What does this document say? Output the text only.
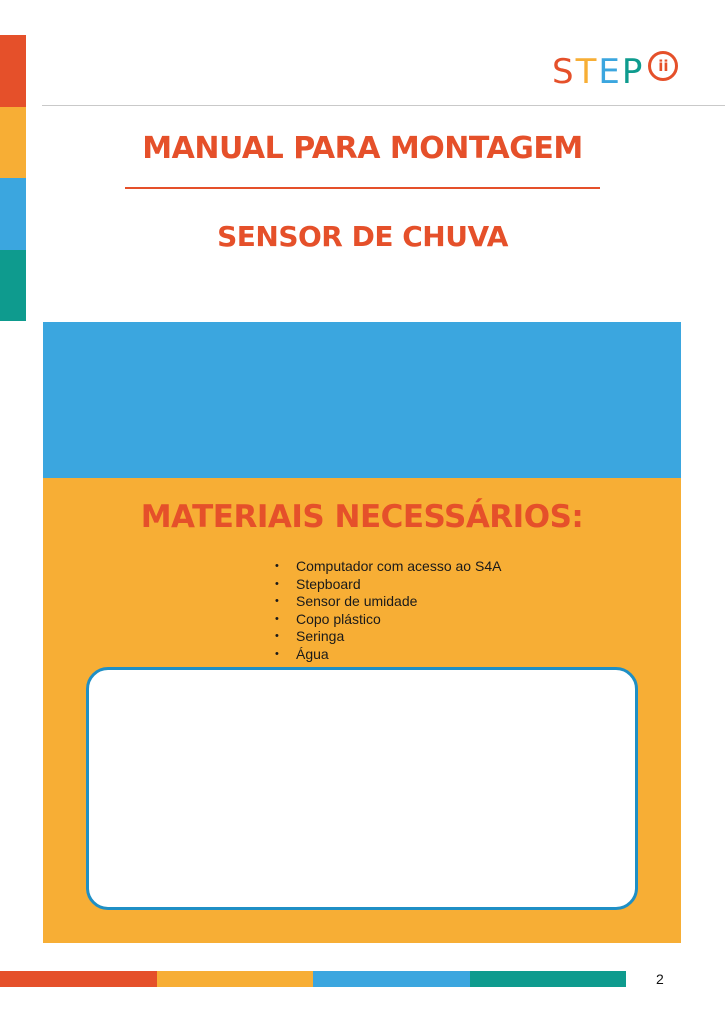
STEP ii
MANUAL PARA MONTAGEM
SENSOR DE CHUVA
MATERIAIS NECESSÁRIOS:
• Computador com acesso ao S4A
• Stepboard
• Sensor de umidade
• Copo plástico
• Seringa
• Água
2
